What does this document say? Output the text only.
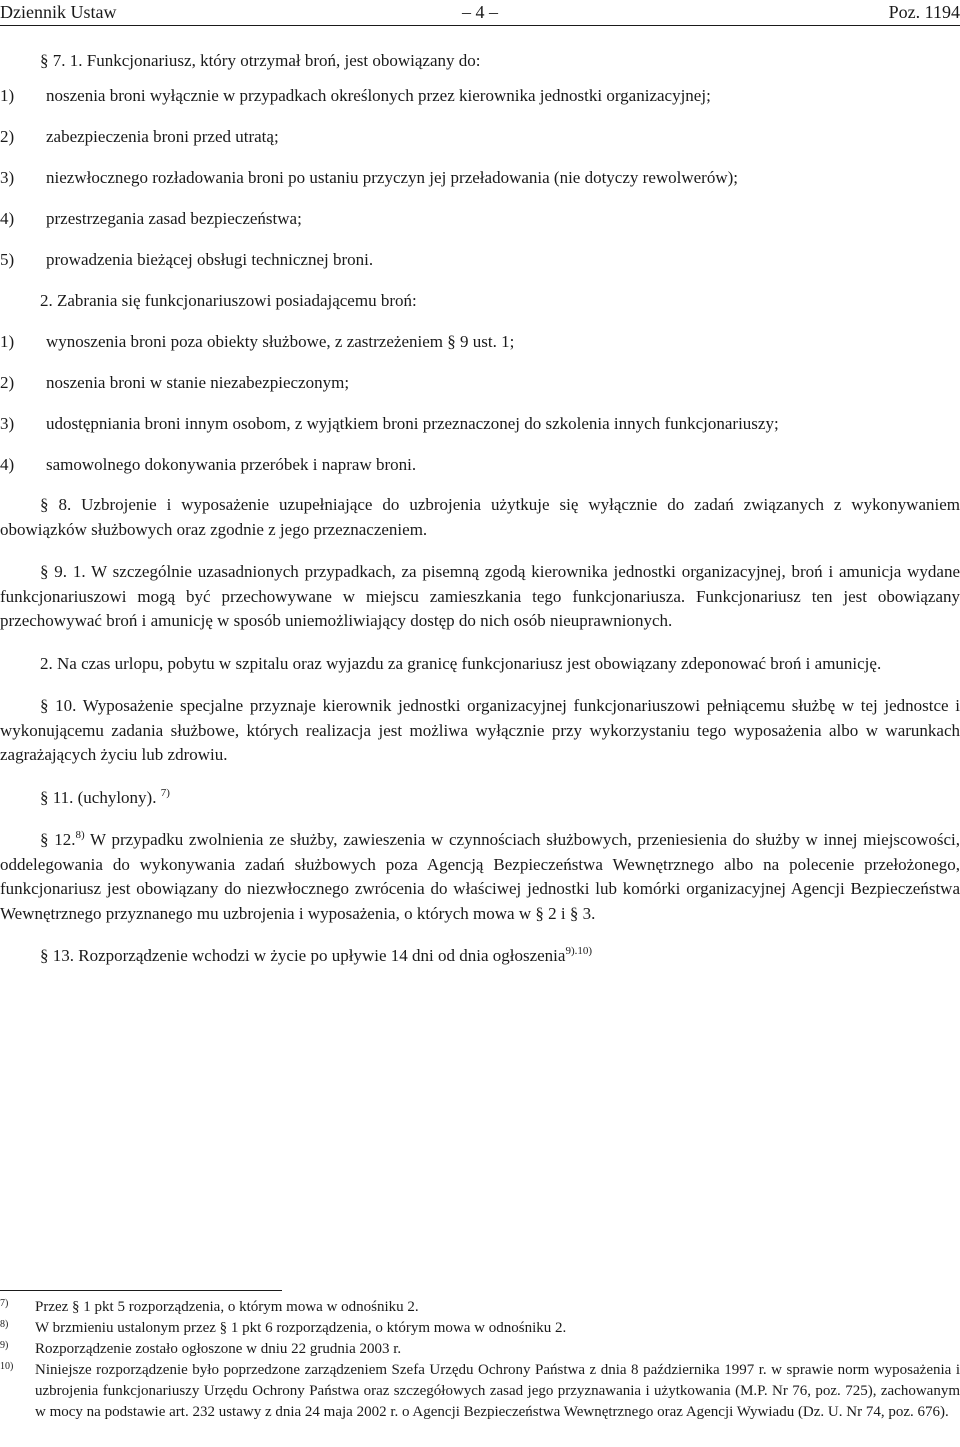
Dziennik Ustaw	– 4 –	Poz. 1194

§ 7. 1. Funkcjonariusz, który otrzymał broń, jest obowiązany do:

1) noszenia broni wyłącznie w przypadkach określonych przez kierownika jednostki organizacyjnej;
2) zabezpieczenia broni przed utratą;
3) niezwłocznego rozładowania broni po ustaniu przyczyn jej przeładowania (nie dotyczy rewolwerów);
4) przestrzegania zasad bezpieczeństwa;
5) prowadzenia bieżącej obsługi technicznej broni.

2. Zabrania się funkcjonariuszowi posiadającemu broń:

1) wynoszenia broni poza obiekty służbowe, z zastrzeżeniem § 9 ust. 1;
2) noszenia broni w stanie niezabezpieczonym;
3) udostępniania broni innym osobom, z wyjątkiem broni przeznaczonej do szkolenia innych funkcjonariuszy;
4) samowolnego dokonywania przeróbek i napraw broni.

§ 8. Uzbrojenie i wyposażenie uzupełniające do uzbrojenia użytkuje się wyłącznie do zadań związanych z wykonywaniem obowiązków służbowych oraz zgodnie z jego przeznaczeniem.

§ 9. 1. W szczególnie uzasadnionych przypadkach, za pisemną zgodą kierownika jednostki organizacyjnej, broń i amunicja wydane funkcjonariuszowi mogą być przechowywane w miejscu zamieszkania tego funkcjonariusza. Funkcjonariusz ten jest obowiązany przechowywać broń i amunicję w sposób uniemożliwiający dostęp do nich osób nieuprawnionych.

2. Na czas urlopu, pobytu w szpitalu oraz wyjazdu za granicę funkcjonariusz jest obowiązany zdeponować broń i amunicję.

§ 10. Wyposażenie specjalne przyznaje kierownik jednostki organizacyjnej funkcjonariuszowi pełniącemu służbę w tej jednostce i wykonującemu zadania służbowe, których realizacja jest możliwa wyłącznie przy wykorzystaniu tego wyposażenia albo w warunkach zagrażających życiu lub zdrowiu.

§ 11. (uchylony). $^{7)}$

§ 12.$^{8)}$ W przypadku zwolnienia ze służby, zawieszenia w czynnościach służbowych, przeniesienia do służby w innej miejscowości, oddelegowania do wykonywania zadań służbowych poza Agencją Bezpieczeństwa Wewnętrznego albo na polecenie przełożonego, funkcjonariusz jest obowiązany do niezwłocznego zwrócenia do właściwej jednostki lub komórki organizacyjnej Agencji Bezpieczeństwa Wewnętrznego przyznanego mu uzbrojenia i wyposażenia, o których mowa w § 2 i § 3.

§ 13. Rozporządzenie wchodzi w życie po upływie 14 dni od dnia ogłoszenia$^{9).10)}$

7) Przez § 1 pkt 5 rozporządzenia, o którym mowa w odnośniku 2.
8) W brzmieniu ustalonym przez § 1 pkt 6 rozporządzenia, o którym mowa w odnośniku 2.
9) Rozporządzenie zostało ogłoszone w dniu 22 grudnia 2003 r.
10) Niniejsze rozporządzenie było poprzedzone zarządzeniem Szefa Urzędu Ochrony Państwa z dnia 8 października 1997 r. w sprawie norm wyposażenia i uzbrojenia funkcjonariuszy Urzędu Ochrony Państwa oraz szczegółowych zasad jego przyznawania i użytkowania (M.P. Nr 76, poz. 725), zachowanym w mocy na podstawie art. 232 ustawy z dnia 24 maja 2002 r. o Agencji Bezpieczeństwa Wewnętrznego oraz Agencji Wywiadu (Dz. U. Nr 74, poz. 676).
